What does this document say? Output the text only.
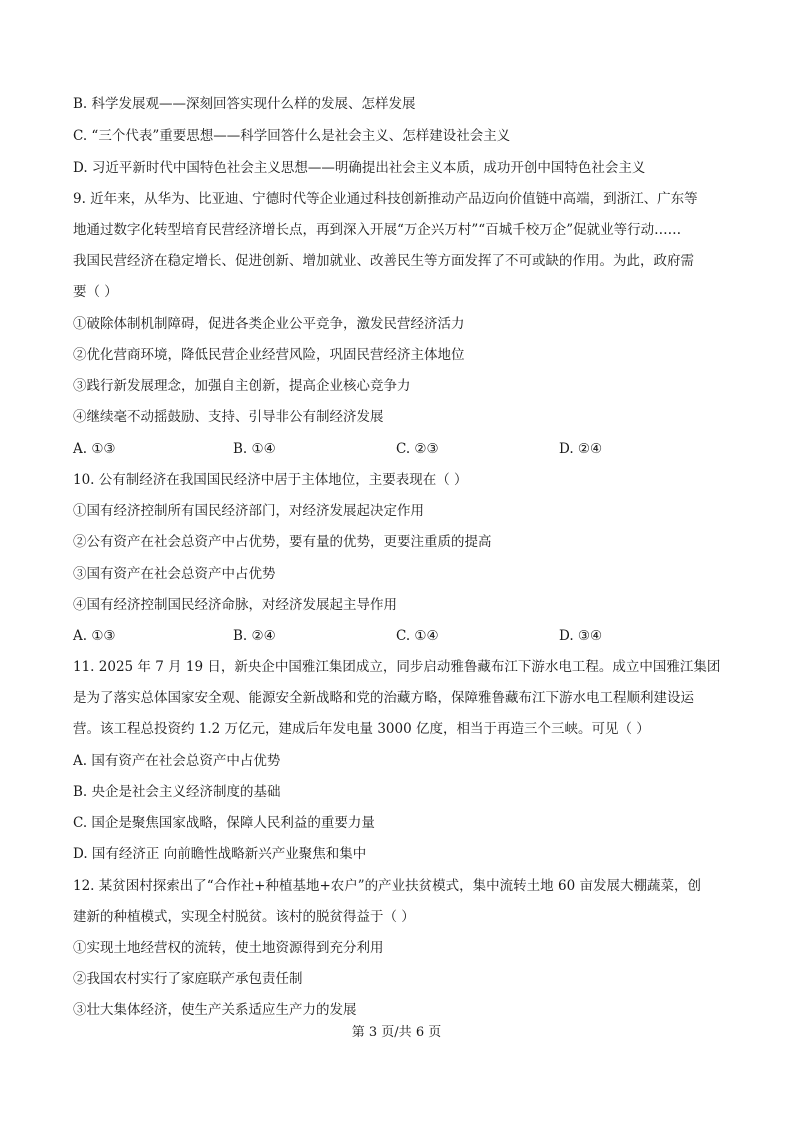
B. 科学发展观——深刻回答实现什么样的发展、怎样发展
C. “三个代表”重要思想——科学回答什么是社会主义、怎样建设社会主义
D. 习近平新时代中国特色社会主义思想——明确提出社会主义本质，成功开创中国特色社会主义
9. 近年来，从华为、比亚迪、宁德时代等企业通过科技创新推动产品迈向价值链中高端，到浙江、广东等
地通过数字化转型培育民营经济增长点，再到深入开展“万企兴万村”“百城千校万企”促就业等行动……
我国民营经济在稳定增长、促进创新、增加就业、改善民生等方面发挥了不可或缺的作用。为此，政府需
要（ ）
①破除体制机制障碍，促进各类企业公平竞争，激发民营经济活力
②优化营商环境，降低民营企业经营风险，巩固民营经济主体地位
③践行新发展理念，加强自主创新，提高企业核心竞争力
④继续毫不动摇鼓励、支持、引导非公有制经济发展
A. ①③	B. ①④	C. ②③	D. ②④
10. 公有制经济在我国国民经济中居于主体地位，主要表现在（ ）
①国有经济控制所有国民经济部门，对经济发展起决定作用
②公有资产在社会总资产中占优势，要有量的优势，更要注重质的提高
③国有资产在社会总资产中占优势
④国有经济控制国民经济命脉，对经济发展起主导作用
A. ①③	B. ②④	C. ①④	D. ③④
11. 2025 年 7 月 19 日，新央企中国雅江集团成立，同步启动雅鲁藏布江下游水电工程。成立中国雅江集团
是为了落实总体国家安全观、能源安全新战略和党的治藏方略，保障雅鲁藏布江下游水电工程顺利建设运
营。该工程总投资约 1.2 万亿元，建成后年发电量 3000 亿度，相当于再造三个三峡。可见（ ）
A. 国有资产在社会总资产中占优势
B. 央企是社会主义经济制度的基础
C. 国企是聚焦国家战略，保障人民利益的重要力量
D. 国有经济正 向前瞻性战略新兴产业聚焦和集中
12. 某贫困村探索出了“合作社+种植基地+农户”的产业扶贫模式，集中流转土地 60 亩发展大棚蔬菜，创
建新的种植模式，实现全村脱贫。该村的脱贫得益于（ ）
①实现土地经营权的流转，使土地资源得到充分利用
②我国农村实行了家庭联产承包责任制
③壮大集体经济，使生产关系适应生产力的发展
第 3 页/共 6 页
